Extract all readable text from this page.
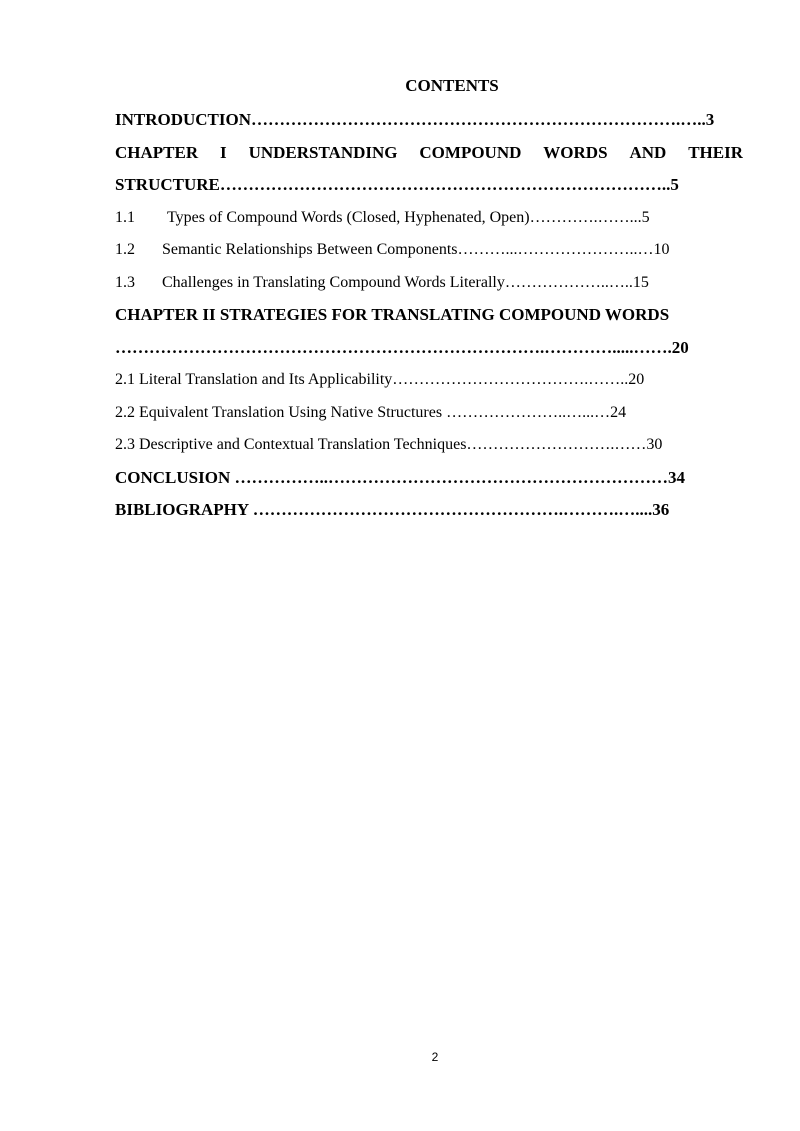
CONTENTS
INTRODUCTION………………………………………………………………….…..3
CHAPTER I UNDERSTANDING COMPOUND WORDS AND THEIR
STRUCTURE……………………………………………………………………..5
1.1	Types of Compound Words (Closed, Hyphenated, Open)………….……...5
1.2	Semantic Relationships Between Components………...…………………..…10
1.3	Challenges in Translating Compound Words Literally………………..…..15
CHAPTER II STRATEGIES FOR TRANSLATING COMPOUND WORDS
………………………………………………………………….………….....…….20
2.1 Literal Translation and Its Applicability……………………………….……..20
2.2 Equivalent Translation Using Native Structures …………………..…...…24
2.3 Descriptive and Contextual Translation Techniques……………………….……30
CONCLUSION ……………..……………………………………………………34
BIBLIOGRAPHY ……………………………………………….……….…....36
2
